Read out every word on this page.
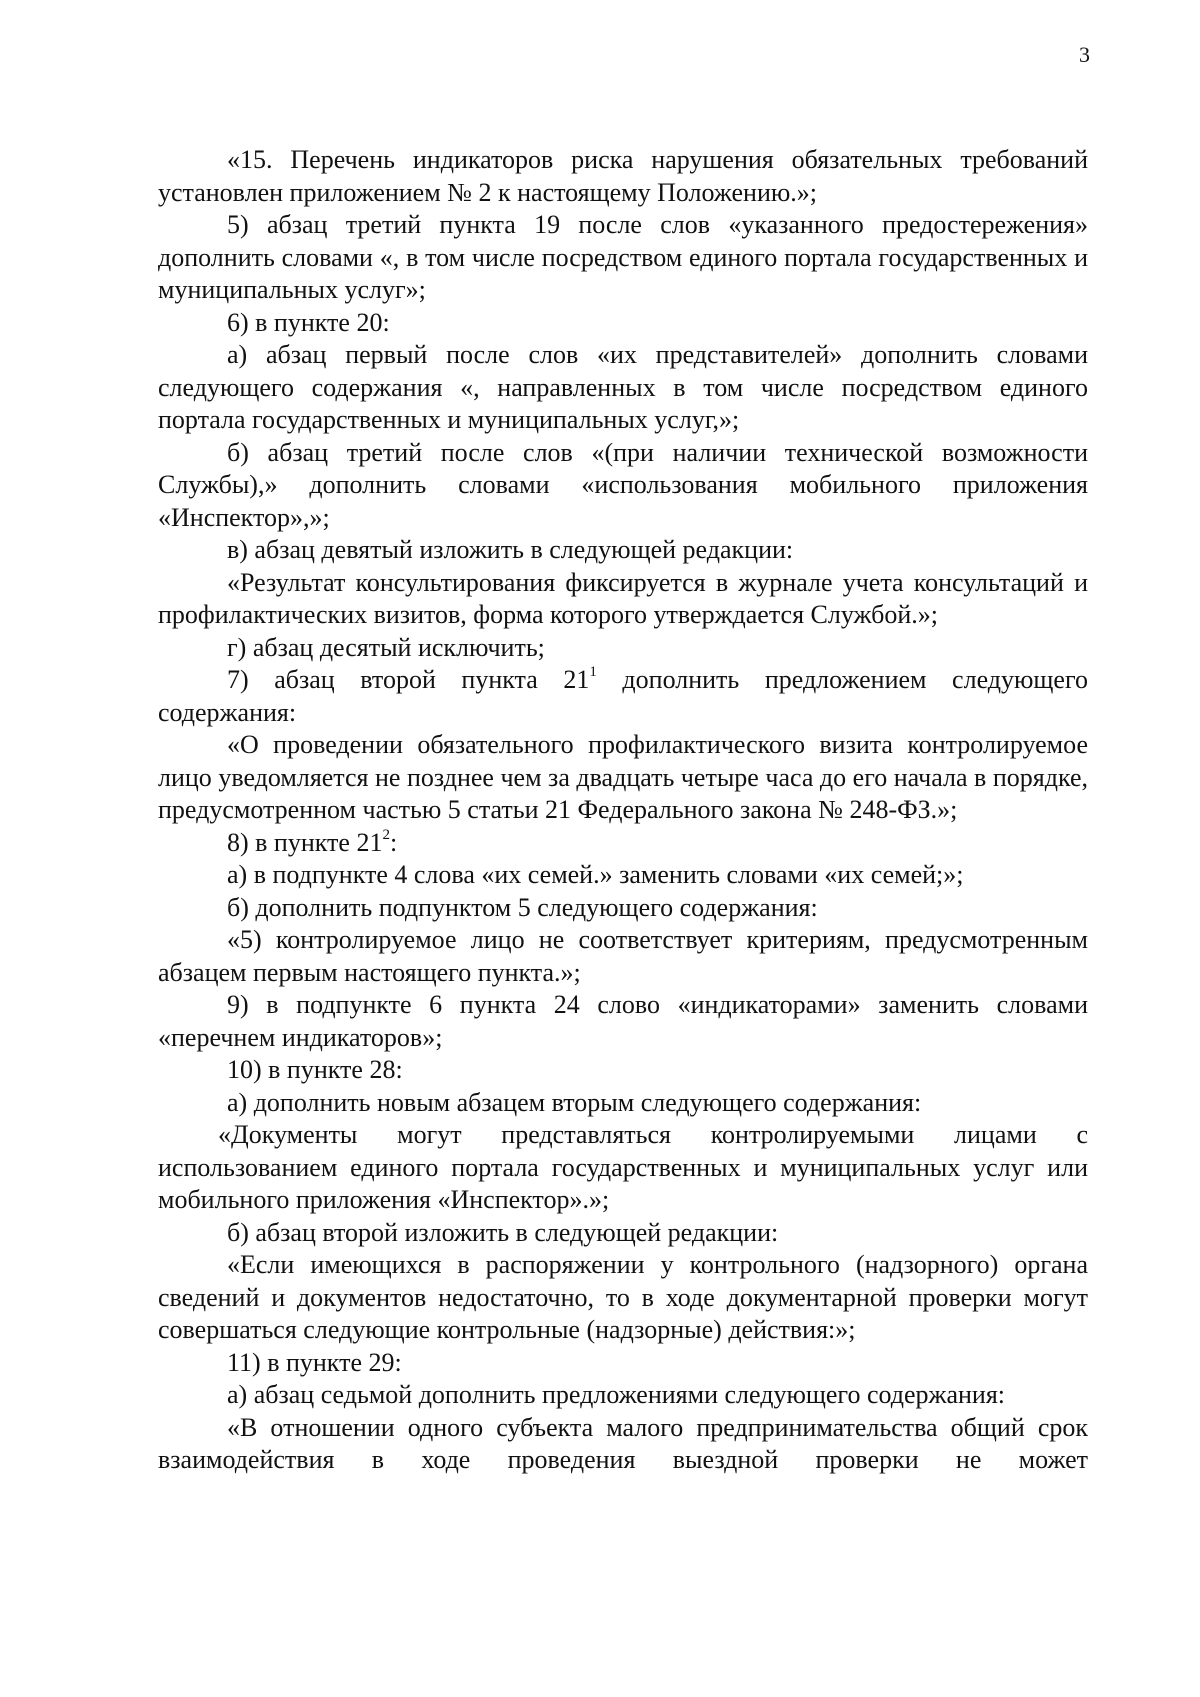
3

«15. Перечень индикаторов риска нарушения обязательных требований установлен приложением № 2 к настоящему Положению.»;

5) абзац третий пункта 19 после слов «указанного предостережения» дополнить словами «, в том числе посредством единого портала государственных и муниципальных услуг»;

6) в пункте 20:

а) абзац первый после слов «их представителей» дополнить словами следующего содержания «, направленных в том числе посредством единого портала государственных и муниципальных услуг,»;

б) абзац третий после слов «(при наличии технической возможности Службы),» дополнить словами «использования мобильного приложения «Инспектор»,»;

в) абзац девятый изложить в следующей редакции:

«Результат консультирования фиксируется в журнале учета консультаций и профилактических визитов, форма которого утверждается Службой.»;

г) абзац десятый исключить;

7) абзац второй пункта $21^1$ дополнить предложением следующего содержания:

«О проведении обязательного профилактического визита контролируемое лицо уведомляется не позднее чем за двадцать четыре часа до его начала в порядке, предусмотренном частью 5 статьи 21 Федерального закона № 248-ФЗ.»;

8) в пункте $21^2$:

а) в подпункте 4 слова «их семей.» заменить словами «их семей;»;

б) дополнить подпунктом 5 следующего содержания:

«5) контролируемое лицо не соответствует критериям, предусмотренным абзацем первым настоящего пункта.»;

9) в подпункте 6 пункта 24 слово «индикаторами» заменить словами «перечнем индикаторов»;

10) в пункте 28:

а) дополнить новым абзацем вторым следующего содержания:

«Документы могут представляться контролируемыми лицами с использованием единого портала государственных и муниципальных услуг или мобильного приложения «Инспектор».»;

б) абзац второй изложить в следующей редакции:

«Если имеющихся в распоряжении у контрольного (надзорного) органа сведений и документов недостаточно, то в ходе документарной проверки могут совершаться следующие контрольные (надзорные) действия:»;

11) в пункте 29:

а) абзац седьмой дополнить предложениями следующего содержания:

«В отношении одного субъекта малого предпринимательства общий срок взаимодействия в ходе проведения выездной проверки не может
